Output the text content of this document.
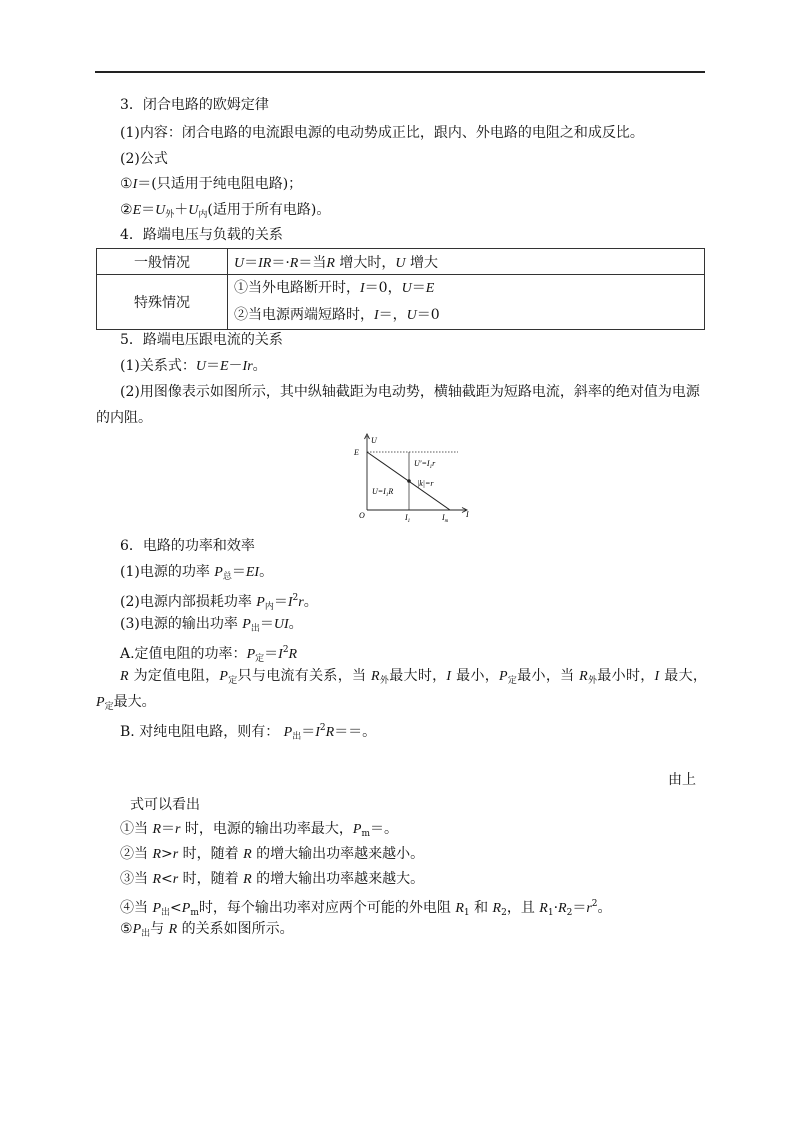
3．闭合电路的欧姆定律
(1)内容：闭合电路的电流跟电源的电动势成正比，跟内、外电路的电阻之和成反比。
(2)公式
①I＝(只适用于纯电阻电路)；
$②E=U_外+U_内$(适用于所有电路)。
4．路端电压与负载的关系
一般情况	U＝IR＝·R＝当R 增大时，U 增大
特殊情况	①当外电路断开时，I＝0，U＝E
②当电源两端短路时，I＝，U＝0
5．路端电压跟电流的关系
(1)关系式：U＝E－Ir。
(2)用图像表示如图所示，其中纵轴截距为电动势，横轴截距为短路电流，斜率的绝对值为电源
的内阻。
U
E
O	I
$I_1$	$I_m$
$U'=I_1r$
|k|=r
$U=I_1R$
6．电路的功率和效率
(1)电源的功率 $P_总=EI$。
(2)电源内部损耗功率 $P_内=I^2r$。
(3)电源的输出功率 $P_出=UI$。
A.定值电阻的功率：$P_定=I^2R$
R 为定值电阻，$P_定$只与电流有关系，当 $R_外$最大时，I 最小，$P_定$最小，当 $R_外$最小时，I 最大，
$P_定$最大。
B. 对纯电阻电路，则有： $P_出=I^2R==$。
由上
式可以看出
①当 R＝r 时，电源的输出功率最大，$P_m=$。
②当 R>r 时，随着 R 的增大输出功率越来越小。
③当 R<r 时，随着 R 的增大输出功率越来越大。
④当 $P_出<P_m$时，每个输出功率对应两个可能的外电阻 $R_1$ 和 $R_2$，且 $R_1\cdot R_2=r^2$。
$⑤P_出$与 R 的关系如图所示。
